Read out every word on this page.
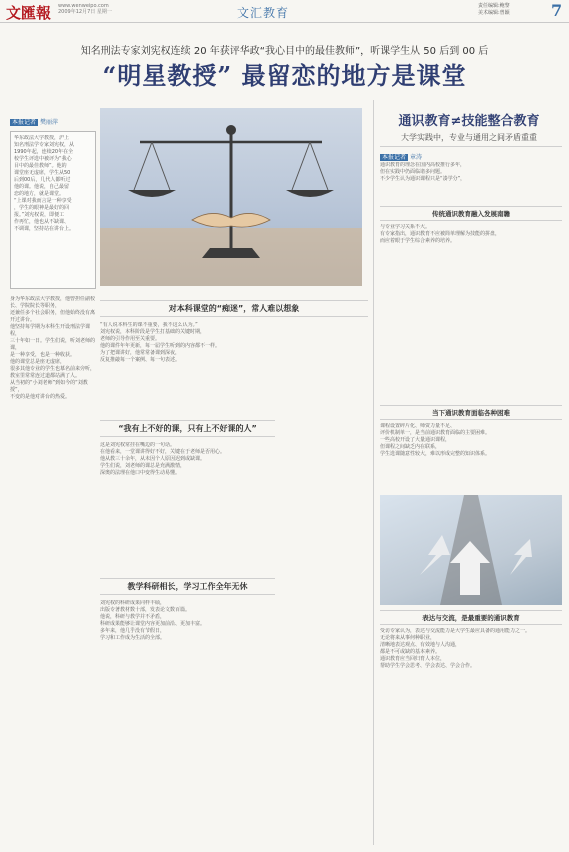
文匯報 www.wenweipo.com
2009年12月7日 星期一	文汇教育	责任编辑:鲍黎
美术编辑:曾颖	7
知名刑法专家刘宪权连续 20 年获评华政“我心目中的最佳教师”，听课学生从 50 后到 00 后
“明星教授” 最留恋的地方是课堂
本报记者 樊丽萍
华东政法大学教授，沪上
知名刑法学专家刘宪权，从
1990年起，连续20年在全
校学生评选中被评为“我心
目中的最佳教师”。他的
课堂座无虚席，学生从50
后到00后，几代人都听过
他的课。他说，自己最留
恋的地方，就是课堂。
“上课对我而言是一种享受
，学生的眼神是最好的回
报。”刘宪权说，即便工
作再忙，他也从不缺课、
不调课，坚持站在讲台上。
身为华东政法大学教授，他曾担任副校长、学院院长等职务，
还兼任多个社会职务，但他始终没有离开过讲台。
他坚持每学期为本科生开设刑法学课程，
三十年如一日。学生们说，听刘老师的课，
是一种享受，也是一种收获。
他的课堂总是座无虚席，
很多其他专业的学生也慕名前来旁听，
教室里常常连过道都站满了人。
从当初的“小刘老师”到如今的“刘教授”，
不变的是他对讲台的热爱。
对本科课堂的“痴迷”，常人难以想象
“有人说本科生的课不重要，我不这么认为。”
刘宪权说，本科阶段是学生打基础的关键时期，
老师的引导作用至关重要。
他的课件年年更新，每一届学生听到的内容都不一样。
为了把课讲好，他常常备课到深夜，
反复推敲每一个案例、每一句表述。
“我有上不好的课，只有上不好课的人”
这是刘宪权常挂在嘴边的一句话。
在他看来，一堂课讲得好不好，关键在于老师是否用心。
他从教三十余年，从未因个人原因迟到或缺课。
学生们说，刘老师的课总是充满激情，
深奥的法理在他口中变得生动易懂。
教学科研相长，学习工作全年无休
刘宪权的科研成果同样丰硕，
出版专著教材数十部，发表论文数百篇。
他说，科研与教学并不矛盾，
科研成果能够让课堂内容更加前沿、更加丰富。
多年来，他几乎没有节假日，
学习和工作成为生活的全部。
通识教育≠技能整合教育
大学实践中，专业与通用之间矛盾重重
本报记者 章涛
通识教育的理念在国内高校推行多年，
但在实践中仍面临诸多问题。
不少学生认为通识课程只是“凑学分”，
传统通识教育融入发展南瞻
与专业学习关系不大。
有专家指出，通识教育不应被简单理解为技能的拼盘，
而应着眼于学生综合素养的培养。
当下通识教育面临各种困难
课程设置碎片化、师资力量不足、
评价机制单一，是当前通识教育面临的主要困难。
一些高校开设了大量通识课程，
但课程之间缺乏内在联系，
学生选课随意性较大，难以形成完整的知识体系。
表达与交流，是最重要的通识教育
受访专家认为，表达与交流能力是大学生最应具备的通用能力之一。
无论将来从事何种职业，
清晰地表达观点、有效地与人沟通，
都是不可或缺的基本素养。
通识教育应当回归育人本位，
帮助学生学会思考、学会表达、学会合作。
